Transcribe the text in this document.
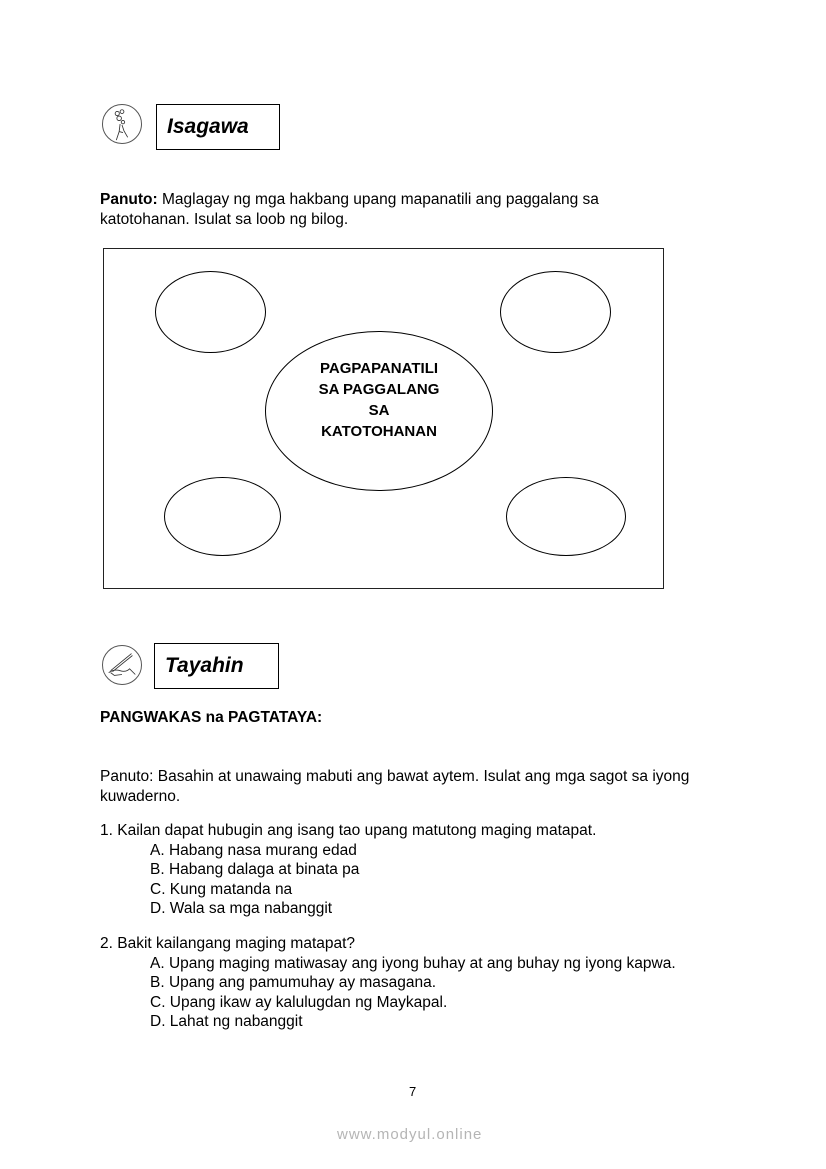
Isagawa
Panuto: Maglagay ng mga hakbang upang mapanatili ang paggalang sa katotohanan. Isulat sa loob ng bilog.
PAGPAPANATILI
SA PAGGALANG
SA
KATOTOHANAN
Tayahin
PANGWAKAS na PAGTATAYA:
Panuto: Basahin at unawaing mabuti ang bawat aytem. Isulat ang mga sagot sa iyong kuwaderno.
1. Kailan dapat hubugin ang isang tao upang matutong maging matapat.
A. Habang nasa murang edad
B. Habang dalaga at binata pa
C. Kung matanda na
D. Wala sa mga nabanggit
2. Bakit kailangang maging matapat?
A. Upang maging matiwasay ang iyong buhay at ang buhay ng iyong kapwa.
B. Upang ang pamumuhay ay masagana.
C. Upang ikaw ay kalulugdan ng Maykapal.
D. Lahat ng nabanggit
7
www.modyul.online
